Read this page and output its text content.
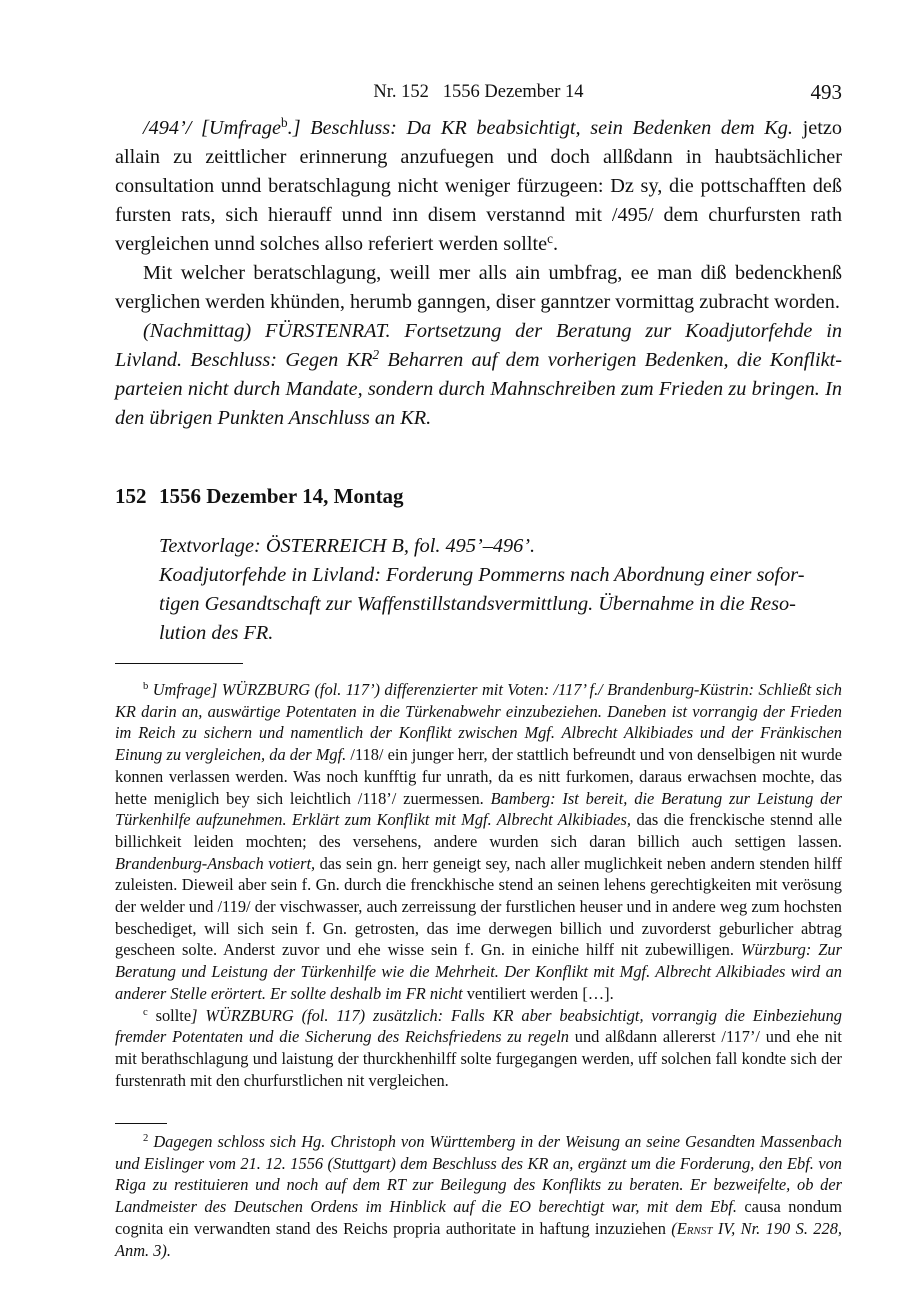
Nr. 152   1556 Dezember 14	493

/494’/ [Umfrage$^b$.] Beschluss: Da KR beabsichtigt, sein Bedenken dem Kg. jetzo allain zu zeittlicher erinnerung anzufuegen und doch allßdann in haubtsächlicher consultation unnd beratschlagung nicht weniger fürzugeen: Dz sy, die pottschafften deß fursten rats, sich hierauff unnd inn disem verstannd mit /495/ dem churfursten rath vergleichen unnd solches allso referiert werden sollte$^c$.

Mit welcher beratschlagung, weill mer alls ain umbfrag, ee man diß bedenckhenß verglichen werden khünden, herumb ganngen, diser ganntzer vormittag zubracht worden.

(Nachmittag) FÜRSTENRAT. Fortsetzung der Beratung zur Koadjutorfehde in Livland. Beschluss: Gegen $KR^2$ Beharren auf dem vorherigen Bedenken, die Konfliktparteien nicht durch Mandate, sondern durch Mahnschreiben zum Frieden zu bringen. In den übrigen Punkten Anschluss an KR.

152 1556 Dezember 14, Montag
Textvorlage: ÖSTERREICH B, fol. 495’–496’.
Koadjutorfehde in Livland: Forderung Pommerns nach Abordnung einer sofor-
tigen Gesandtschaft zur Waffenstillstandsvermittlung. Übernahme in die Reso-
lution des FR.

$^b$ Umfrage] WÜRZBURG (fol. 117’) differenzierter mit Voten: /117’ f./ Brandenburg-Küstrin: Schließt sich KR darin an, auswärtige Potentaten in die Türkenabwehr einzubeziehen. Daneben ist vorrangig der Frieden im Reich zu sichern und namentlich der Konflikt zwischen Mgf. Albrecht Alkibiades und der Fränkischen Einung zu vergleichen, da der Mgf. /118/ ein junger herr, der stattlich befreundt und von denselbigen nit wurde konnen verlassen werden. Was noch kunfftig fur unrath, da es nitt furkomen, daraus erwachsen mochte, das hette meniglich bey sich leichtlich /118’/ zuermessen. Bamberg: Ist bereit, die Beratung zur Leistung der Türkenhilfe aufzunehmen. Erklärt zum Konflikt mit Mgf. Albrecht Alkibiades, das die frenckische stennd alle billichkeit leiden mochten; des versehens, andere wurden sich daran billich auch settigen lassen. Brandenburg-Ansbach votiert, das sein gn. herr geneigt sey, nach aller muglichkeit neben andern stenden hilff zuleisten. Dieweil aber sein f. Gn. durch die frenckhische stend an seinen lehens gerechtigkeiten mit verösung der welder und /119/ der vischwasser, auch zerreissung der furstlichen heuser und in andere weg zum hochsten beschediget, will sich sein f. Gn. getrosten, das ime derwegen billich und zuvorderst geburlicher abtrag gescheen solte. Anderst zuvor und ehe wisse sein f. Gn. in einiche hilff nit zubewilligen. Würzburg: Zur Beratung und Leistung der Türkenhilfe wie die Mehrheit. Der Konflikt mit Mgf. Albrecht Alkibiades wird an anderer Stelle erörtert. Er sollte deshalb im FR nicht ventiliert werden […].

$^c$ sollte] WÜRZBURG (fol. 117) zusätzlich: Falls KR aber beabsichtigt, vorrangig die Einbeziehung fremder Potentaten und die Sicherung des Reichsfriedens zu regeln und alßdann allererst /117’/ und ehe nit mit berathschlagung und laistung der thurckhenhilff solte furgegangen werden, uff solchen fall kondte sich der furstenrath mit den churfurstlichen nit vergleichen.

$^2$ Dagegen schloss sich Hg. Christoph von Württemberg in der Weisung an seine Gesandten Massenbach und Eislinger vom 21. 12. 1556 (Stuttgart) dem Beschluss des KR an, ergänzt um die Forderung, den Ebf. von Riga zu restituieren und noch auf dem RT zur Beilegung des Konflikts zu beraten. Er bezweifelte, ob der Landmeister des Deutschen Ordens im Hinblick auf die EO berechtigt war, mit dem Ebf. causa nondum cognita ein verwandten stand des Reichs propria authoritate in haftung inzuziehen (Ernst IV, Nr. 190 S. 228, Anm. 3).
